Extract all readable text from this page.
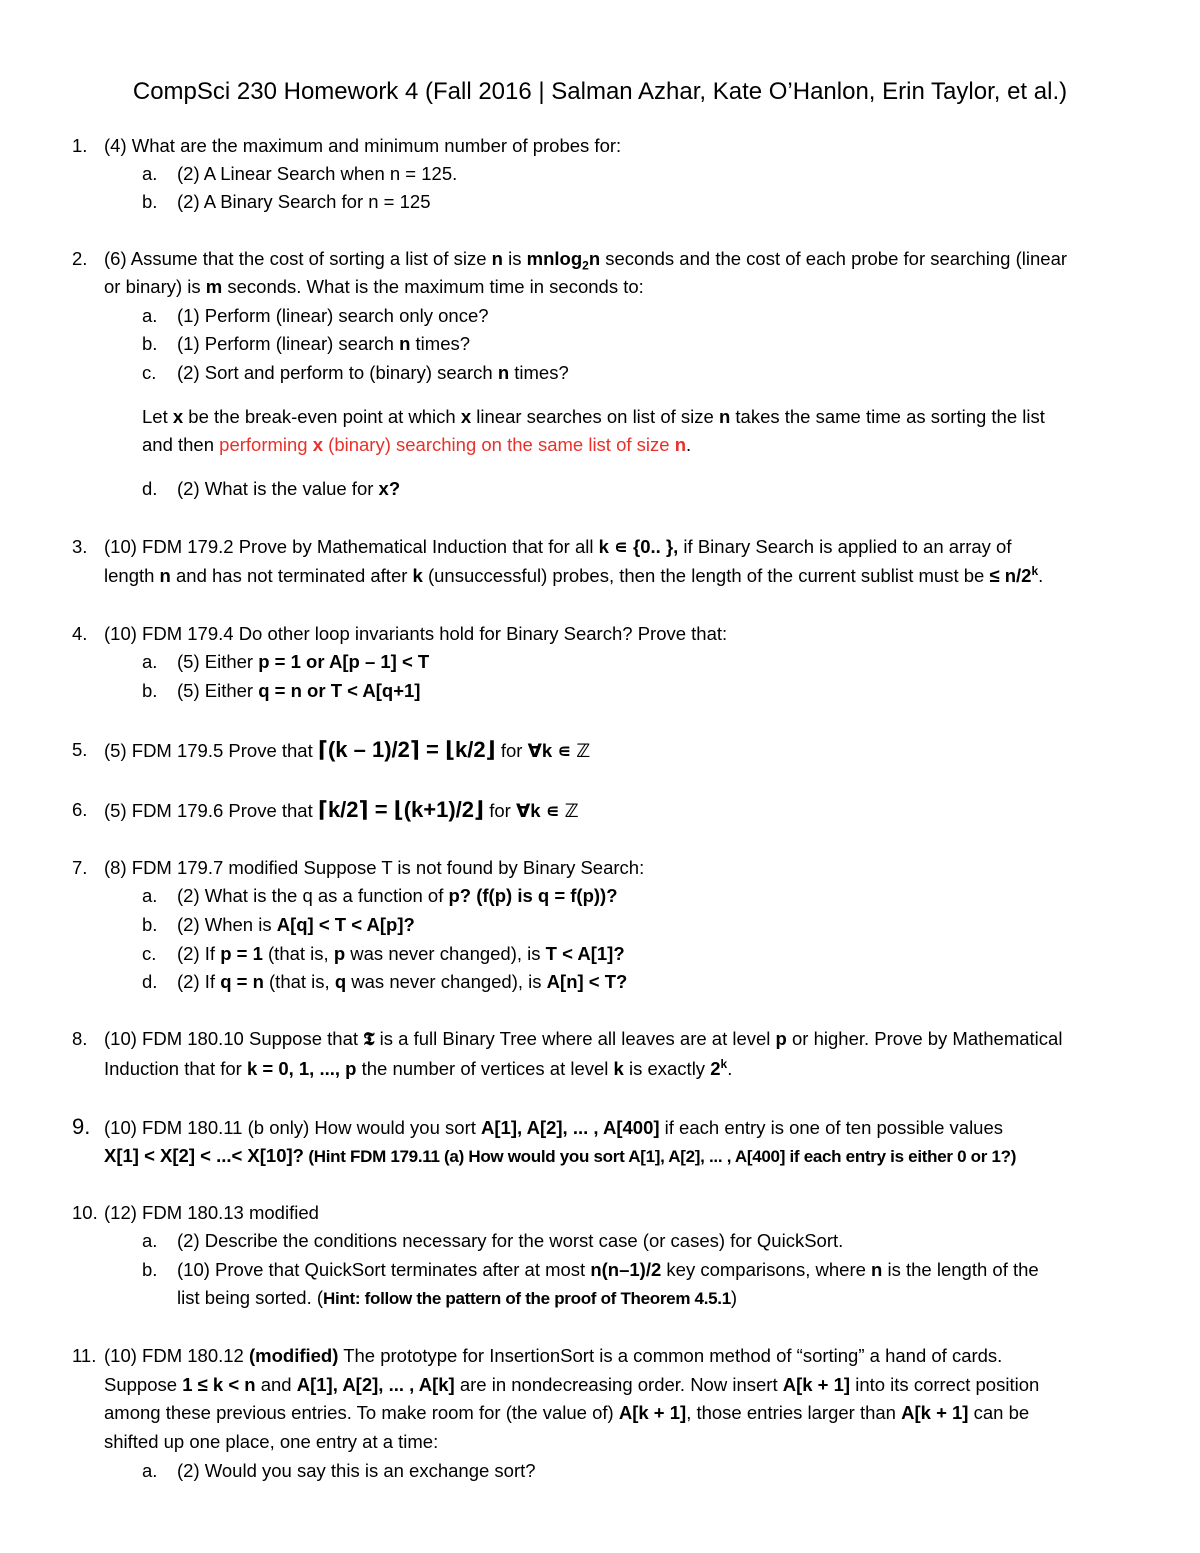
CompSci 230 Homework 4 (Fall 2016 | Salman Azhar, Kate O’Hanlon, Erin Taylor, et al.)
1. (4) What are the maximum and minimum number of probes for:
a. (2) A Linear Search when n = 125.
b. (2) A Binary Search for n = 125
2. (6) Assume that the cost of sorting a list of size n is mnlog$_2$n seconds and the cost of each probe for searching (linear
or binary) is m seconds. What is the maximum time in seconds to:
a. (1) Perform (linear) search only once?
b. (1) Perform (linear) search n times?
c. (2) Sort and perform to (binary) search n times?
Let x be the break-even point at which x linear searches on list of size n takes the same time as sorting the list
and then performing x (binary) searching on the same list of size n.
d. (2) What is the value for x?
3. (10) FDM 179.2 Prove by Mathematical Induction that for all k ∊ {0.. }, if Binary Search is applied to an array of
length n and has not terminated after k (unsuccessful) probes, then the length of the current sublist must be ≤ $n/2^k$.
4. (10) FDM 179.4 Do other loop invariants hold for Binary Search? Prove that:
a. (5) Either p = 1 or A[p – 1] < T
b. (5) Either q = n or T < A[q+1]
5. (5) FDM 179.5 Prove that ⌈(k – 1)/2⌉ = ⌊k/2⌋ for ∀k ∊ ℤ
6. (5) FDM 179.6 Prove that ⌈k/2⌉ = ⌊(k+1)/2⌋ for ∀k ∊ ℤ
7. (8) FDM 179.7 modified Suppose T is not found by Binary Search:
a. (2) What is the q as a function of p? (f(p) is q = f(p))?
b. (2) When is A[q] < T < A[p]?
c. (2) If p = 1 (that is, p was never changed), is T < A[1]?
d. (2) If q = n (that is, q was never changed), is A[n] < T?
8. (10) FDM 180.10 Suppose that 𝕿 is a full Binary Tree where all leaves are at level p or higher. Prove by Mathematical
Induction that for k = 0, 1, ..., p the number of vertices at level k is exactly 2$^k$.
9. (10) FDM 180.11 (b only) How would you sort A[1], A[2], ... , A[400] if each entry is one of ten possible values
X[1] < X[2] < ...< X[10]? (Hint FDM 179.11 (a) How would you sort A[1], A[2], ... , A[400] if each entry is either 0 or 1?)
10. (12) FDM 180.13 modified
a. (2) Describe the conditions necessary for the worst case (or cases) for QuickSort.
b. (10) Prove that QuickSort terminates after at most n(n–1)/2 key comparisons, where n is the length of the
list being sorted. (Hint: follow the pattern of the proof of Theorem 4.5.1)
11. (10) FDM 180.12 (modified) The prototype for InsertionSort is a common method of “sorting” a hand of cards.
Suppose 1 ≤ k < n and A[1], A[2], ... , A[k] are in nondecreasing order. Now insert A[k + 1] into its correct position
among these previous entries. To make room for (the value of) A[k + 1], those entries larger than A[k + 1] can be
shifted up one place, one entry at a time:
a. (2) Would you say this is an exchange sort?
